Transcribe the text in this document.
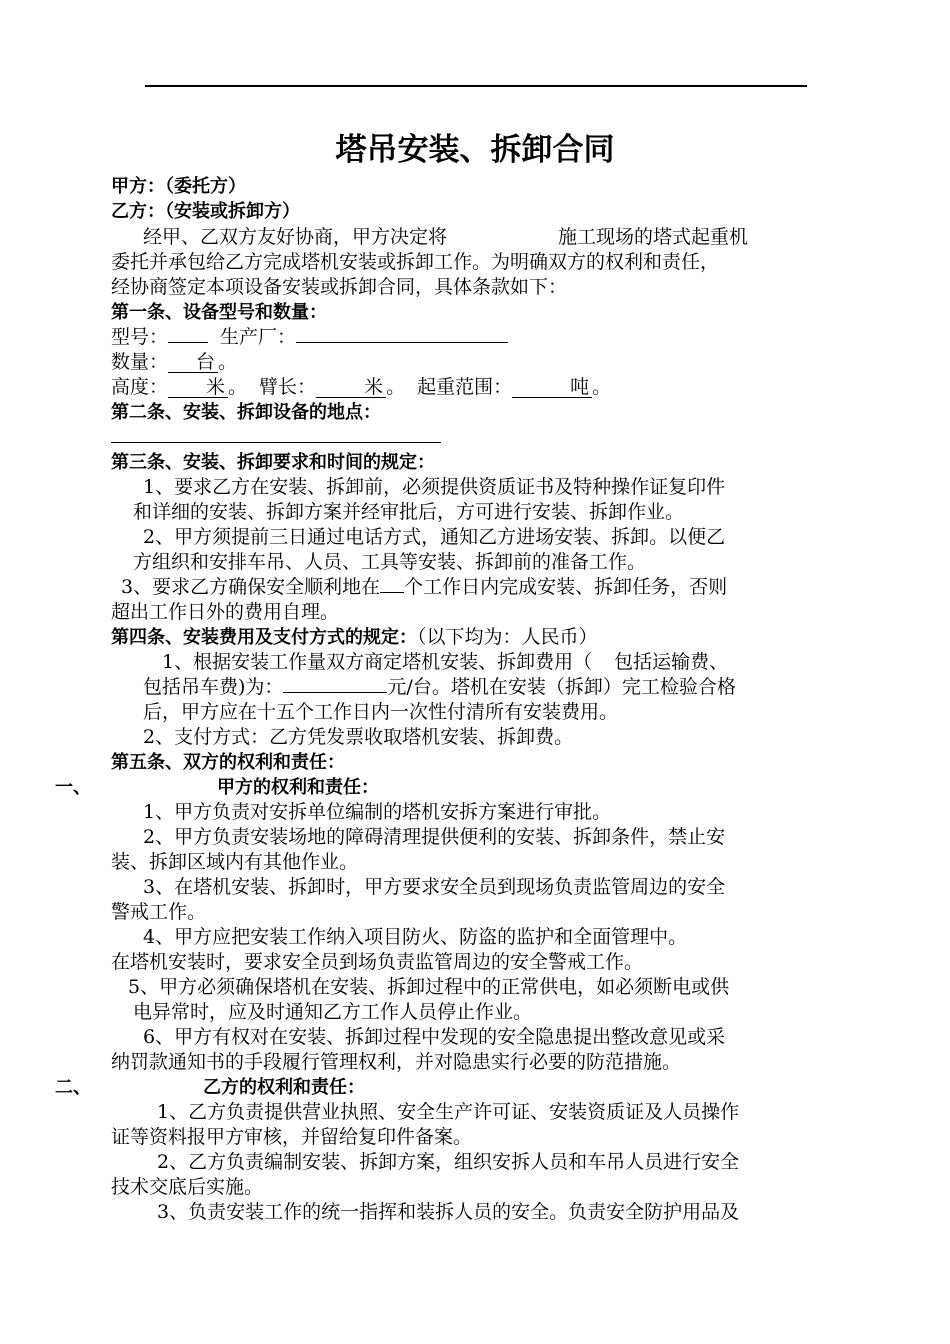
塔吊安装、拆卸合同
甲方：（委托方）
乙方：（安装或拆卸方）
经甲、乙双方友好协商，甲方决定将	施工现场的塔式起重机
委托并承包给乙方完成塔机安装或拆卸工作。为明确双方的权利和责任，
经协商签定本项设备安装或拆卸合同，具体条款如下：
第一条、设备型号和数量：
型号：	生产厂：
数量： 台 。
高度： 米 。 臂长：	米 。 起重范围：	吨 。
第二条、安装、拆卸设备的地点：
第三条、安装、拆卸要求和时间的规定：
1、要求乙方在安装、拆卸前，必须提供资质证书及特种操作证复印件
和详细的安装、拆卸方案并经审批后，方可进行安装、拆卸作业。
2、甲方须提前三日通过电话方式，通知乙方进场安装、拆卸。以便乙
方组织和安排车吊、人员、工具等安装、拆卸前的准备工作。
3、要求乙方确保安全顺利地在 个工作日内完成安装、拆卸任务，否则
超出工作日外的费用自理。
第四条、安装费用及支付方式的规定：（以下均为：人民币）
1、根据安装工作量双方商定塔机安装、拆卸费用（ 包括运输费、
包括吊车费)为：	元/台。塔机在安装（拆卸）完工检验合格
后，甲方应在十五个工作日内一次性付清所有安装费用。
2、支付方式：乙方凭发票收取塔机安装、拆卸费。
第五条、双方的权利和责任：
一、	甲方的权利和责任：
1、甲方负责对安拆单位编制的塔机安拆方案进行审批。
2、甲方负责安装场地的障碍清理提供便利的安装、拆卸条件，禁止安
装、拆卸区域内有其他作业。
3、在塔机安装、拆卸时，甲方要求安全员到现场负责监管周边的安全
警戒工作。
4、甲方应把安装工作纳入项目防火、防盗的监护和全面管理中。
在塔机安装时，要求安全员到场负责监管周边的安全警戒工作。
5、甲方必须确保塔机在安装、拆卸过程中的正常供电，如必须断电或供
电异常时，应及时通知乙方工作人员停止作业。
6、甲方有权对在安装、拆卸过程中发现的安全隐患提出整改意见或采
纳罚款通知书的手段履行管理权利，并对隐患实行必要的防范措施。
二、	乙方的权利和责任：
1、乙方负责提供营业执照、安全生产许可证、安装资质证及人员操作
证等资料报甲方审核，并留给复印件备案。
2、乙方负责编制安装、拆卸方案，组织安拆人员和车吊人员进行安全
技术交底后实施。
3、负责安装工作的统一指挥和装拆人员的安全。负责安全防护用品及
